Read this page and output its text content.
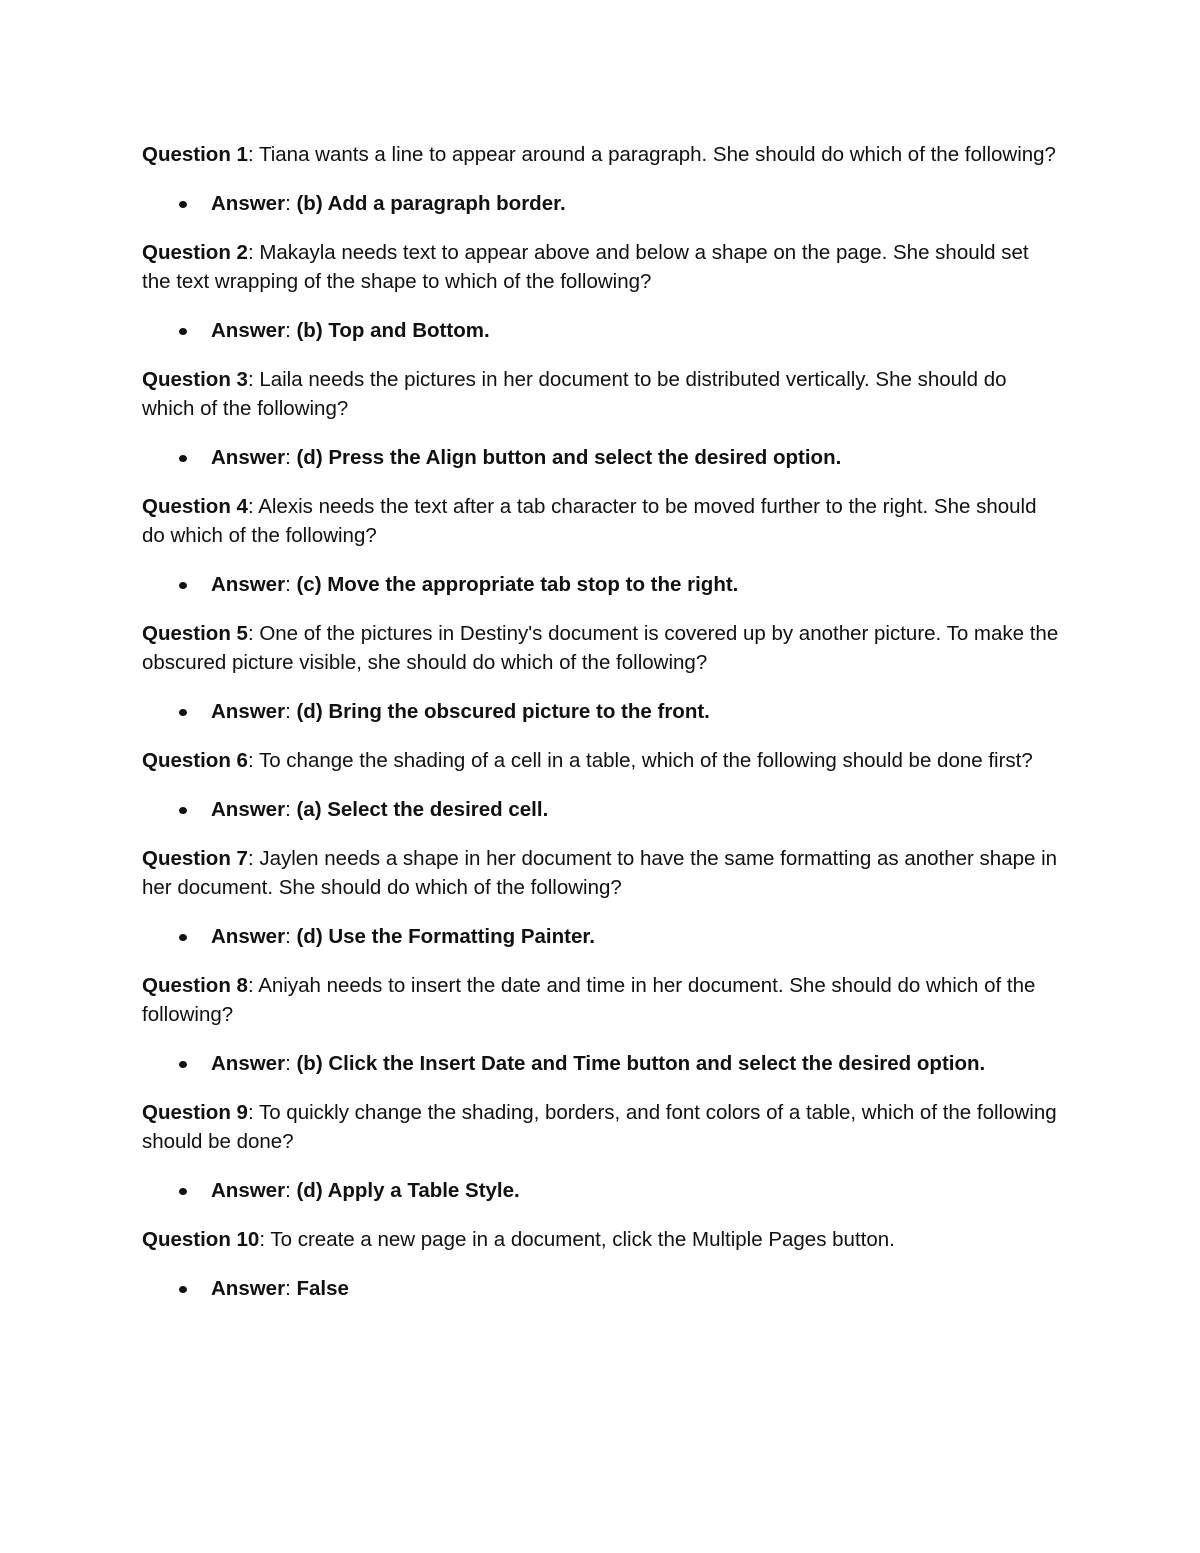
Question 1: Tiana wants a line to appear around a paragraph. She should do which of the following?

Answer: (b) Add a paragraph border.

Question 2: Makayla needs text to appear above and below a shape on the page. She should set the text wrapping of the shape to which of the following?

Answer: (b) Top and Bottom.

Question 3: Laila needs the pictures in her document to be distributed vertically. She should do which of the following?

Answer: (d) Press the Align button and select the desired option.

Question 4: Alexis needs the text after a tab character to be moved further to the right. She should do which of the following?

Answer: (c) Move the appropriate tab stop to the right.

Question 5: One of the pictures in Destiny's document is covered up by another picture. To make the obscured picture visible, she should do which of the following?

Answer: (d) Bring the obscured picture to the front.

Question 6: To change the shading of a cell in a table, which of the following should be done first?

Answer: (a) Select the desired cell.

Question 7: Jaylen needs a shape in her document to have the same formatting as another shape in her document. She should do which of the following?

Answer: (d) Use the Formatting Painter.

Question 8: Aniyah needs to insert the date and time in her document. She should do which of the following?

Answer: (b) Click the Insert Date and Time button and select the desired option.

Question 9: To quickly change the shading, borders, and font colors of a table, which of the following should be done?

Answer: (d) Apply a Table Style.

Question 10: To create a new page in a document, click the Multiple Pages button.

Answer: False
